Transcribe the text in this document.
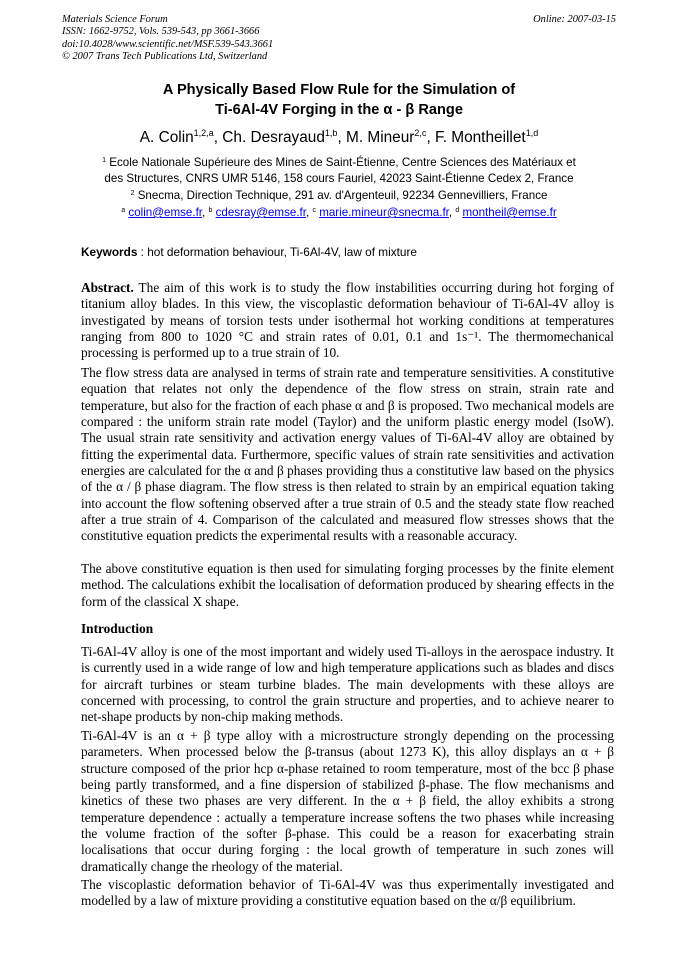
Materials Science Forum
ISSN: 1662-9752, Vols. 539-543, pp 3661-3666
doi:10.4028/www.scientific.net/MSF.539-543.3661
© 2007 Trans Tech Publications Ltd, Switzerland
Online: 2007-03-15
A Physically Based Flow Rule for the Simulation of
Ti-6Al-4V Forging in the α - β Range
A. Colin$^{1,2,a}$, Ch. Desrayaud$^{1,b}$, M. Mineur$^{2,c}$, F. Montheillet$^{1,d}$
$^1$ Ecole Nationale Supérieure des Mines de Saint-Étienne, Centre Sciences des Matériaux et
des Structures, CNRS UMR 5146, 158 cours Fauriel, 42023 Saint-Étienne Cedex 2, France
$^2$ Snecma, Direction Technique, 291 av. d'Argenteuil, 92234 Gennevilliers, France
$^a$ colin@emse.fr, $^b$ cdesray@emse.fr, $^c$ marie.mineur@snecma.fr, $^d$ montheil@emse.fr
Keywords : hot deformation behaviour, Ti-6Al-4V, law of mixture

Abstract. The aim of this work is to study the flow instabilities occurring during hot forging of titanium alloy blades. In this view, the viscoplastic deformation behaviour of Ti-6Al-4V alloy is investigated by means of torsion tests under isothermal hot working conditions at temperatures ranging from 800 to 1020 °C and strain rates of 0.01, 0.1 and 1s⁻¹. The thermomechanical processing is performed up to a true strain of 10.

The flow stress data are analysed in terms of strain rate and temperature sensitivities. A constitutive equation that relates not only the dependence of the flow stress on strain, strain rate and temperature, but also for the fraction of each phase α and β is proposed. Two mechanical models are compared : the uniform strain rate model (Taylor) and the uniform plastic energy model (IsoW). The usual strain rate sensitivity and activation energy values of Ti-6Al-4V alloy are obtained by fitting the experimental data. Furthermore, specific values of strain rate sensitivities and activation energies are calculated for the α and β phases providing thus a constitutive law based on the physics of the α / β phase diagram. The flow stress is then related to strain by an empirical equation taking into account the flow softening observed after a true strain of 0.5 and the steady state flow reached after a true strain of 4. Comparison of the calculated and measured flow stresses shows that the constitutive equation predicts the experimental results with a reasonable accuracy.

The above constitutive equation is then used for simulating forging processes by the finite element method. The calculations exhibit the localisation of deformation produced by shearing effects in the form of the classical X shape.

Introduction

Ti-6Al-4V alloy is one of the most important and widely used Ti-alloys in the aerospace industry. It is currently used in a wide range of low and high temperature applications such as blades and discs for aircraft turbines or steam turbine blades. The main developments with these alloys are concerned with processing, to control the grain structure and properties, and to achieve nearer to net-shape products by non-chip making methods.

Ti-6Al-4V is an α + β type alloy with a microstructure strongly depending on the processing parameters. When processed below the β-transus (about 1273 K), this alloy displays an α + β structure composed of the prior hcp α-phase retained to room temperature, most of the bcc β phase being partly transformed, and a fine dispersion of stabilized β-phase. The flow mechanisms and kinetics of these two phases are very different. In the α + β field, the alloy exhibits a strong temperature dependence : actually a temperature increase softens the two phases while increasing the volume fraction of the softer β-phase. This could be a reason for exacerbating strain localisations that occur during forging : the local growth of temperature in such zones will dramatically change the rheology of the material.

The viscoplastic deformation behavior of Ti-6Al-4V was thus experimentally investigated and modelled by a law of mixture providing a constitutive equation based on the α/β equilibrium.
